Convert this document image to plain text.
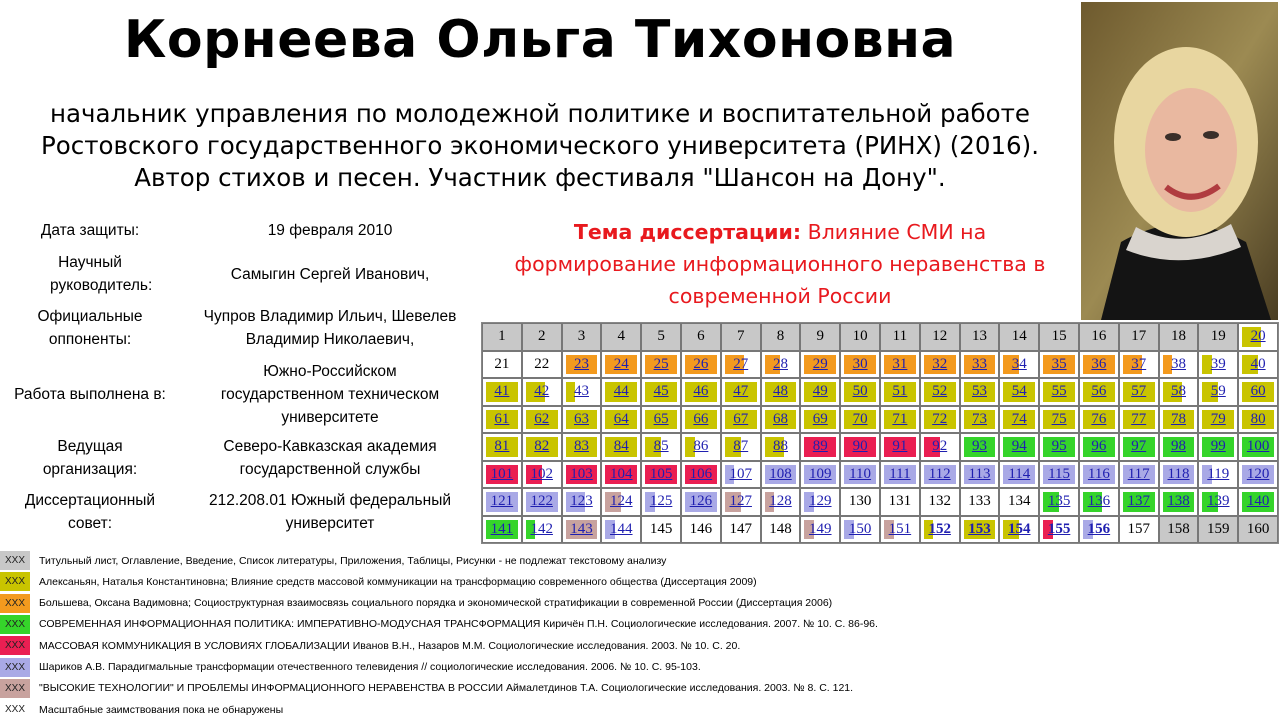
Корнеева Ольга Тихоновна
начальник управления по молодежной политике и воспитательной работе
Ростовского государственного экономического университета (РИНХ) (2016).
Автор стихов и песен. Участник фестиваля "Шансон на Дону".
Дата защиты:	19 февраля 2010
Научный руководитель:
Самыгин Сергей Иванович,
Официальные оппоненты:
Чупров Владимир Ильич, Шевелев Владимир Николаевич,
Работа выполнена в:
Южно-Российском государственном техническом университете
Ведущая организация:
Северо-Кавказская академия государственной службы
Диссертационный совет:
212.208.01 Южный федеральный университет
Тема диссертации: Влияние СМИ на формирование информационного неравенства в современной России
1 2 3 4 5 6 7 8 9 10 11 12 13 14 15 16 17 18 19 20
21 22 23 24 25 26 27 28 29 30 31 32 33 34 35 36 37 38 39 40
41 42 43 44 45 46 47 48 49 50 51 52 53 54 55 56 57 58 59 60
61 62 63 64 65 66 67 68 69 70 71 72 73 74 75 76 77 78 79 80
81 82 83 84 85 86 87 88 89 90 91 92 93 94 95 96 97 98 99 100
101 102 103 104 105 106 107 108 109 110 111 112 113 114 115 116 117 118 119 120
121 122 123 124 125 126 127 128 129 130 131 132 133 134 135 136 137 138 139 140
141 142 143 144 145 146 147 148 149 150 151 152 153 154 155 156 157 158 159 160
XXX	Титульный лист, Оглавление, Введение, Список литературы, Приложения, Таблицы, Рисунки - не подлежат текстовому анализу
XXX	Алексаньян, Наталья Константиновна; Влияние средств массовой коммуникации на трансформацию современного общества (Диссертация 2009)
XXX	Большева, Оксана Вадимовна; Социоструктурная взаимосвязь социального порядка и экономической стратификации в современной России (Диссертация 2006)
XXX	СОВРЕМЕННАЯ ИНФОРМАЦИОННАЯ ПОЛИТИКА: ИМПЕРАТИВНО-МОДУСНАЯ ТРАНСФОРМАЦИЯ Киричён П.Н. Социологические исследования. 2007. № 10. С. 86-96.
XXX	МАССОВАЯ КОММУНИКАЦИЯ В УСЛОВИЯХ ГЛОБАЛИЗАЦИИ Иванов В.Н., Назаров М.М. Социологические исследования. 2003. № 10. С. 20.
XXX	Шариков А.В. Парадигмальные трансформации отечественного телевидения // социологические исследования. 2006. № 10. С. 95-103.
XXX	"ВЫСОКИЕ ТЕХНОЛОГИИ" И ПРОБЛЕМЫ ИНФОРМАЦИОННОГО НЕРАВЕНСТВА В РОССИИ Аймалетдинов Т.А. Социологические исследования. 2003. № 8. С. 121.
XXX	Масштабные заимствования пока не обнаружены
